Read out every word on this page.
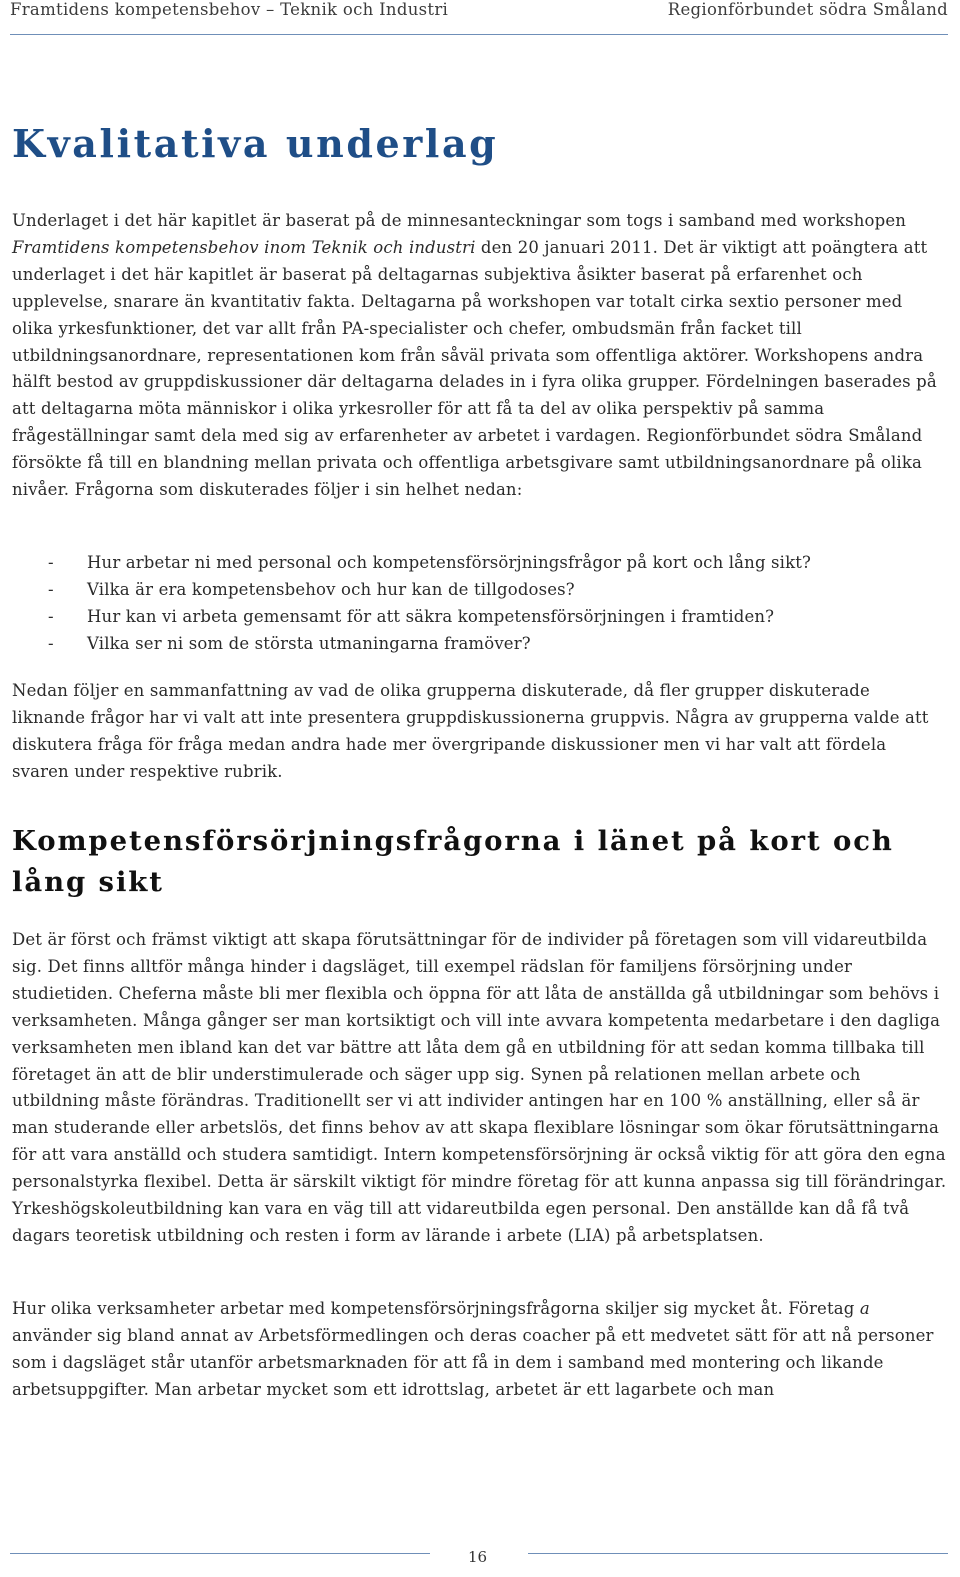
Framtidens kompetensbehov – Teknik och Industri	Regionförbundet södra Småland
Kvalitativa underlag

Underlaget i det här kapitlet är baserat på de minnesanteckningar som togs i samband med workshopen Framtidens kompetensbehov inom Teknik och industri den 20 januari 2011. Det är viktigt att poängtera att underlaget i det här kapitlet är baserat på deltagarnas subjektiva åsikter baserat på erfarenhet och upplevelse, snarare än kvantitativ fakta. Deltagarna på workshopen var totalt cirka sextio personer med olika yrkesfunktioner, det var allt från PA-specialister och chefer, ombudsmän från facket till utbildningsanordnare, representationen kom från såväl privata som offentliga aktörer. Workshopens andra hälft bestod av gruppdiskussioner där deltagarna delades in i fyra olika grupper. Fördelningen baserades på att deltagarna möta människor i olika yrkesroller för att få ta del av olika perspektiv på samma frågeställningar samt dela med sig av erfarenheter av arbetet i vardagen. Regionförbundet södra Småland försökte få till en blandning mellan privata och offentliga arbetsgivare samt utbildningsanordnare på olika nivåer. Frågorna som diskuterades följer i sin helhet nedan:

- Hur arbetar ni med personal och kompetensförsörjningsfrågor på kort och lång sikt?
- Vilka är era kompetensbehov och hur kan de tillgodoses?
- Hur kan vi arbeta gemensamt för att säkra kompetensförsörjningen i framtiden?
- Vilka ser ni som de största utmaningarna framöver?

Nedan följer en sammanfattning av vad de olika grupperna diskuterade, då fler grupper diskuterade liknande frågor har vi valt att inte presentera gruppdiskussionerna gruppvis. Några av grupperna valde att diskutera fråga för fråga medan andra hade mer övergripande diskussioner men vi har valt att fördela svaren under respektive rubrik.

Kompetensförsörjningsfrågorna i länet på kort och lång sikt

Det är först och främst viktigt att skapa förutsättningar för de individer på företagen som vill vidareutbilda sig. Det finns alltför många hinder i dagsläget, till exempel rädslan för familjens försörjning under studietiden. Cheferna måste bli mer flexibla och öppna för att låta de anställda gå utbildningar som behövs i verksamheten. Många gånger ser man kortsiktigt och vill inte avvara kompetenta medarbetare i den dagliga verksamheten men ibland kan det var bättre att låta dem gå en utbildning för att sedan komma tillbaka till företaget än att de blir understimulerade och säger upp sig. Synen på relationen mellan arbete och utbildning måste förändras. Traditionellt ser vi att individer antingen har en 100 % anställning, eller så är man studerande eller arbetslös, det finns behov av att skapa flexiblare lösningar som ökar förutsättningarna för att vara anställd och studera samtidigt. Intern kompetensförsörjning är också viktig för att göra den egna personalstyrka flexibel. Detta är särskilt viktigt för mindre företag för att kunna anpassa sig till förändringar. Yrkeshögskoleutbildning kan vara en väg till att vidareutbilda egen personal. Den anställde kan då få två dagars teoretisk utbildning och resten i form av lärande i arbete (LIA) på arbetsplatsen.

Hur olika verksamheter arbetar med kompetensförsörjningsfrågorna skiljer sig mycket åt. Företag a använder sig bland annat av Arbetsförmedlingen och deras coacher på ett medvetet sätt för att nå personer som i dagsläget står utanför arbetsmarknaden för att få in dem i samband med montering och likande arbetsuppgifter. Man arbetar mycket som ett idrottslag, arbetet är ett lagarbete och man

16
